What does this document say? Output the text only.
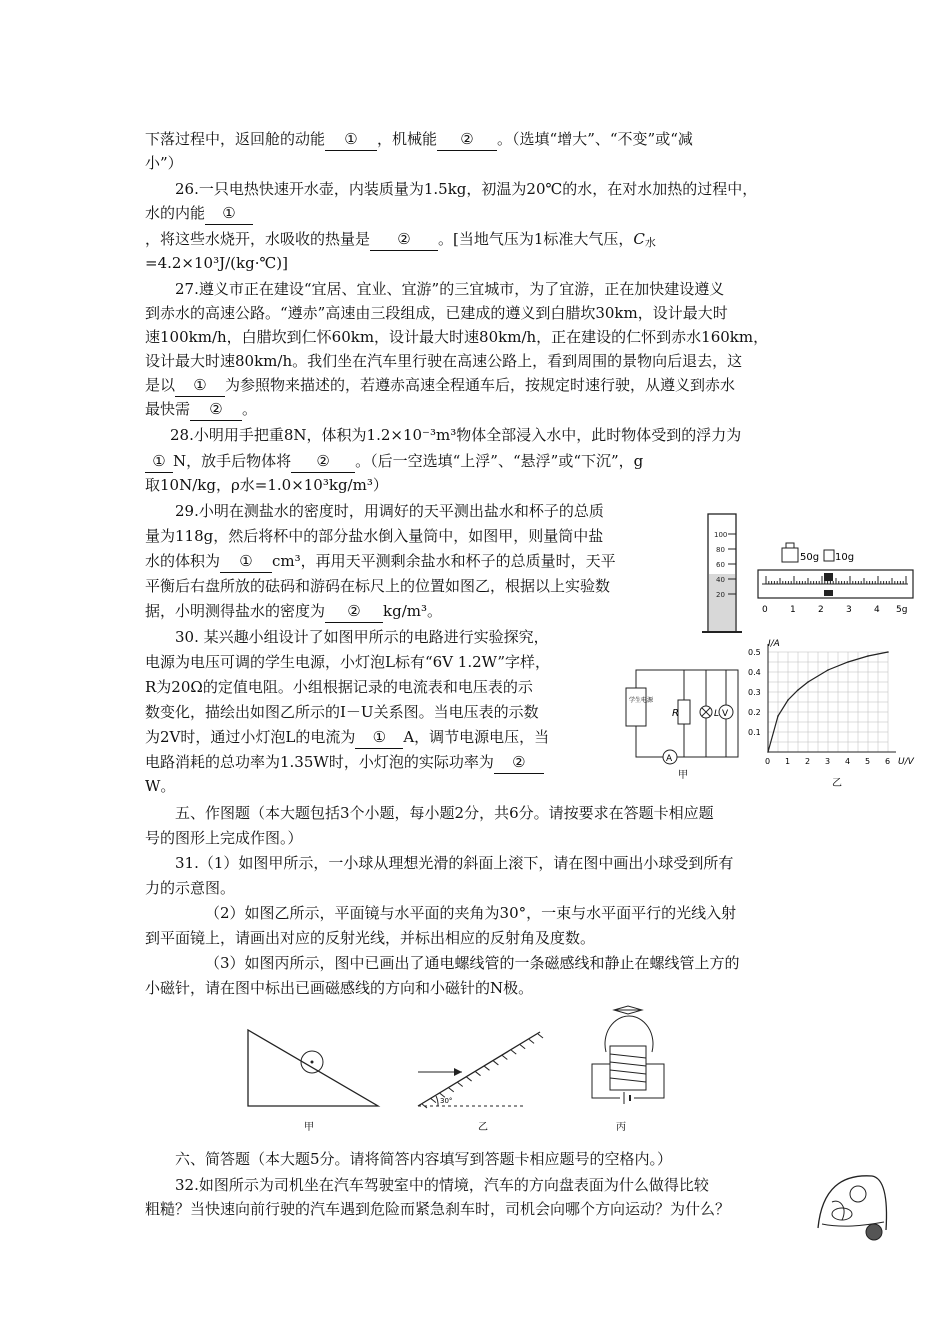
下落过程中，返回舱的动能 ① ，机械能 ② 。（选填“增大”、“不变”或“减
小”）
26.一只电热快速开水壶，内装质量为1.5kg，初温为20℃的水，在对水加热的过程中，
水的内能 ①
，将这些水烧开，水吸收的热量是 ② 。[当地气压为1标准大气压，C水
=4.2×10³J/(kg·℃)]
27.遵义市正在建设“宜居、宜业、宜游”的三宜城市，为了宜游，正在加快建设遵义
到赤水的高速公路。“遵赤”高速由三段组成，已建成的遵义到白腊坎30km，设计最大时
速100km/h，白腊坎到仁怀60km，设计最大时速80km/h，正在建设的仁怀到赤水160km，
设计最大时速80km/h。我们坐在汽车里行驶在高速公路上，看到周围的景物向后退去，这
是以 ① 为参照物来描述的，若遵赤高速全程通车后，按规定时速行驶，从遵义到赤水
最快需 ② 。
28.小明用手把重8N，体积为1.2×10⁻³m³物体全部浸入水中，此时物体受到的浮力为
① N，放手后物体将 ② 。（后一空选填“上浮”、“悬浮”或“下沉”，g
取10N/kg，ρ水=1.0×10³kg/m³）
29.小明在测盐水的密度时，用调好的天平测出盐水和杯子的总质
量为118g，然后将杯中的部分盐水倒入量筒中，如图甲，则量筒中盐
水的体积为 ① cm³，再用天平测剩余盐水和杯子的总质量时，天平
平衡后右盘所放的砝码和游码在标尺上的位置如图乙，根据以上实验数
据，小明测得盐水的密度为 ② kg/m³。
100
80
60
40
20
50g 10g
0 1 2 3 4 5g
30. 某兴趣小组设计了如图甲所示的电路进行实验探究，
电源为电压可调的学生电源，小灯泡L标有“6V 1.2W”字样，
R为20Ω的定值电阻。小组根据记录的电流表和电压表的示
数变化，描绘出如图乙所示的I－U关系图。当电压表的示数
为2V时，通过小灯泡L的电流为 ① A，调节电源电压，当
电路消耗的总功率为1.35W时，小灯泡的实际功率为 ②
W。
学生电源
A
R	L V
甲
I/A
U/V
0 1 2 3 4 5 6
0.1
0.2
0.3
0.4
0.5
乙
五、作图题（本大题包括3个小题，每小题2分，共6分。请按要求在答题卡相应题
号的图形上完成作图。）
31.（1）如图甲所示，一小球从理想光滑的斜面上滚下，请在图中画出小球受到所有
力的示意图。
（2）如图乙所示，平面镜与水平面的夹角为30°，一束与水平面平行的光线入射
到平面镜上，请画出对应的反射光线，并标出相应的反射角及度数。
（3）如图丙所示，图中已画出了通电螺线管的一条磁感线和静止在螺线管上方的
小磁针，请在图中标出已画磁感线的方向和小磁针的N极。
甲
30°
乙	丙
六、简答题（本大题5分。请将简答内容填写到答题卡相应题号的空格内。）
32.如图所示为司机坐在汽车驾驶室中的情境，汽车的方向盘表面为什么做得比较
粗糙？当快速向前行驶的汽车遇到危险而紧急刹车时，司机会向哪个方向运动？为什么？
